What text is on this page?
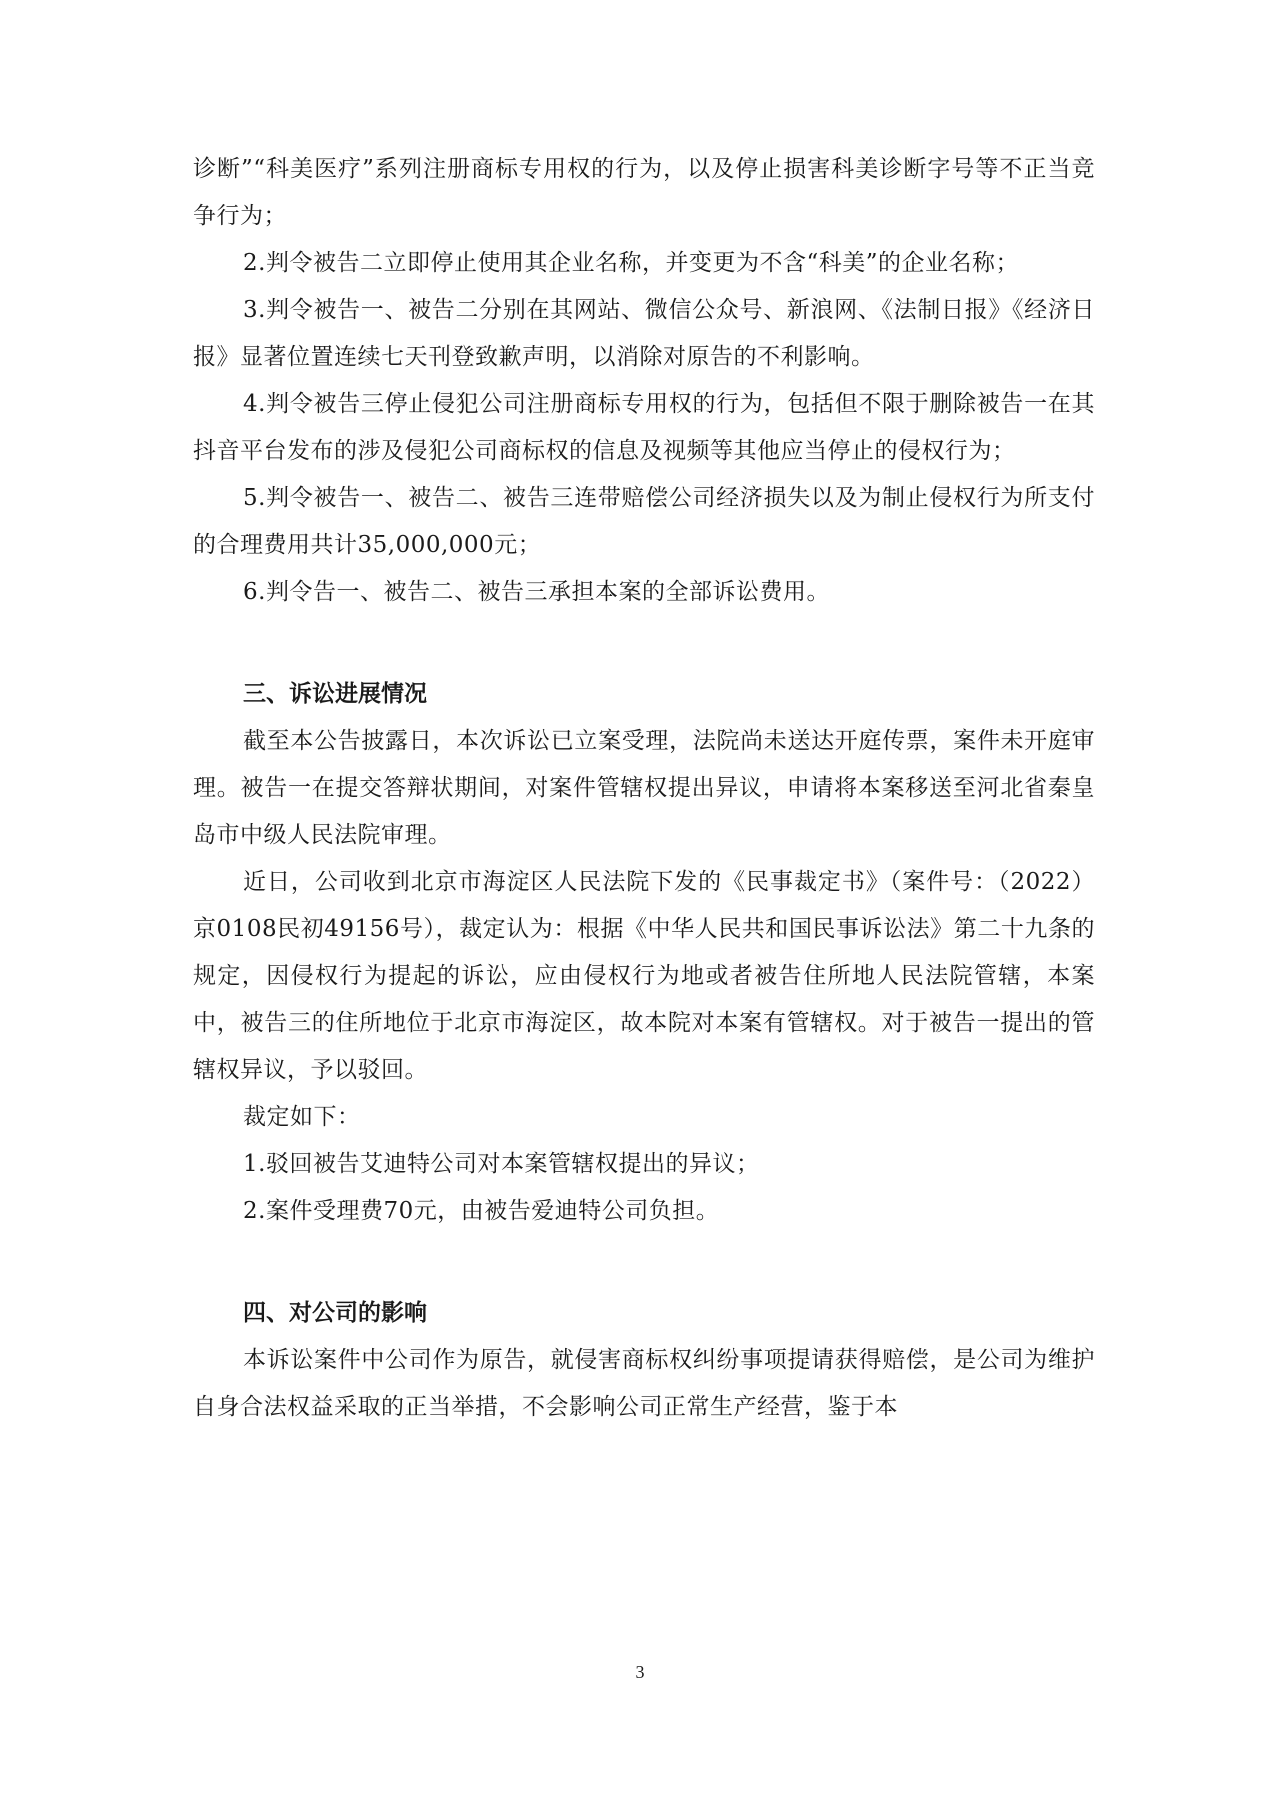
诊断”“科美医疗”系列注册商标专用权的行为，以及停止损害科美诊断字号等不正当竞争行为；

2.判令被告二立即停止使用其企业名称，并变更为不含“科美”的企业名称；

3.判令被告一、被告二分别在其网站、微信公众号、新浪网、《法制日报》《经济日报》显著位置连续七天刊登致歉声明，以消除对原告的不利影响。

4.判令被告三停止侵犯公司注册商标专用权的行为，包括但不限于删除被告一在其抖音平台发布的涉及侵犯公司商标权的信息及视频等其他应当停止的侵权行为；

5.判令被告一、被告二、被告三连带赔偿公司经济损失以及为制止侵权行为所支付的合理费用共计35,000,000元；

6.判令告一、被告二、被告三承担本案的全部诉讼费用。

三、诉讼进展情况

截至本公告披露日，本次诉讼已立案受理，法院尚未送达开庭传票，案件未开庭审理。被告一在提交答辩状期间，对案件管辖权提出异议，申请将本案移送至河北省秦皇岛市中级人民法院审理。

近日，公司收到北京市海淀区人民法院下发的《民事裁定书》（案件号：（2022）京0108民初49156号），裁定认为：根据《中华人民共和国民事诉讼法》第二十九条的规定，因侵权行为提起的诉讼，应由侵权行为地或者被告住所地人民法院管辖，本案中，被告三的住所地位于北京市海淀区，故本院对本案有管辖权。对于被告一提出的管辖权异议，予以驳回。

裁定如下：

1.驳回被告艾迪特公司对本案管辖权提出的异议；

2.案件受理费70元，由被告爱迪特公司负担。

四、对公司的影响

本诉讼案件中公司作为原告，就侵害商标权纠纷事项提请获得赔偿，是公司为维护自身合法权益采取的正当举措，不会影响公司正常生产经营，鉴于本

3
